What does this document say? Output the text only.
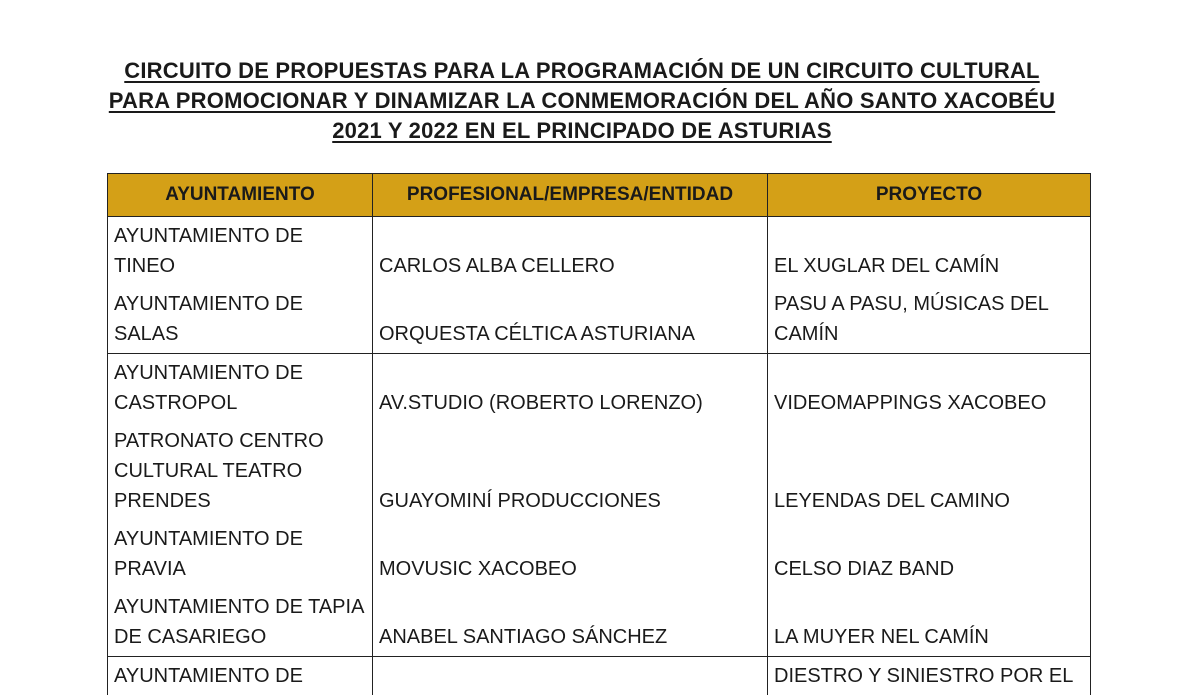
CIRCUITO DE PROPUESTAS PARA LA PROGRAMACIÓN DE UN CIRCUITO CULTURAL
PARA PROMOCIONAR Y DINAMIZAR LA CONMEMORACIÓN DEL AÑO SANTO XACOBÉU
2021 Y 2022 EN EL PRINCIPADO DE ASTURIAS
AYUNTAMIENTO	PROFESIONAL/EMPRESA/ENTIDAD	PROYECTO
AYUNTAMIENTO DE TINEO	CARLOS ALBA CELLERO	EL XUGLAR DEL CAMÍN
AYUNTAMIENTO DE SALAS	ORQUESTA CÉLTICA ASTURIANA	PASU A PASU, MÚSICAS DEL CAMÍN
AYUNTAMIENTO DE CASTROPOL	AV.STUDIO (ROBERTO LORENZO)	VIDEOMAPPINGS XACOBEO
PATRONATO CENTRO CULTURAL TEATRO PRENDES	GUAYOMINÍ PRODUCCIONES	LEYENDAS DEL CAMINO
AYUNTAMIENTO DE PRAVIA	MOVUSIC XACOBEO	CELSO DIAZ BAND
AYUNTAMIENTO DE TAPIA DE CASARIEGO	ANABEL SANTIAGO SÁNCHEZ	LA MUYER NEL CAMÍN
AYUNTAMIENTO DE		DIESTRO Y SINIESTRO POR EL
